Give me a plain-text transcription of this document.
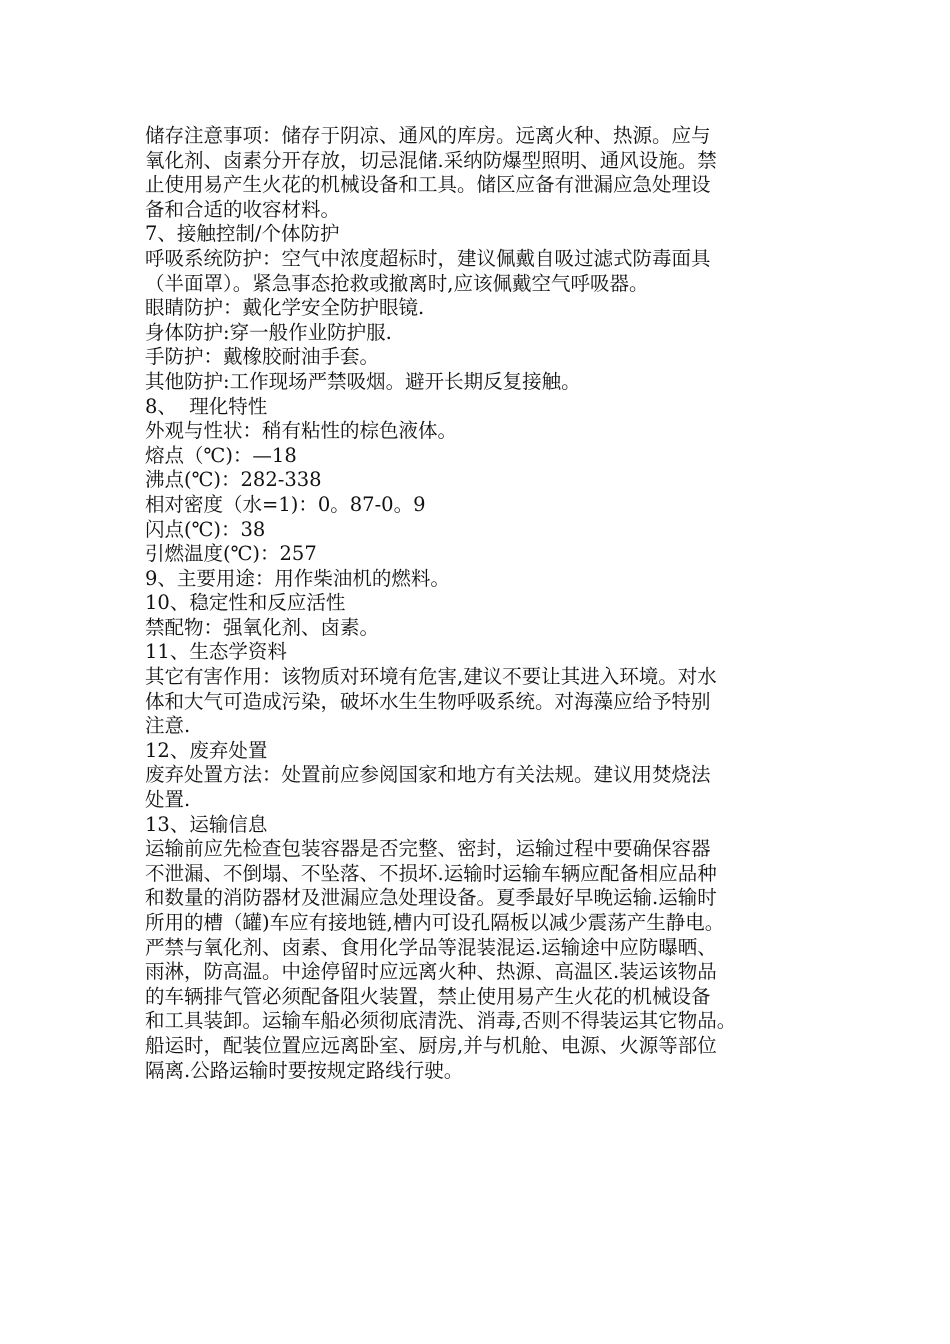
储存注意事项：储存于阴凉、通风的库房。远离火种、热源。应与
氧化剂、卤素分开存放，切忌混储.采纳防爆型照明、通风设施。禁
止使用易产生火花的机械设备和工具。储区应备有泄漏应急处理设
备和合适的收容材料。
7、接触控制/个体防护
呼吸系统防护：空气中浓度超标时，建议佩戴自吸过滤式防毒面具
（半面罩）。紧急事态抢救或撤离时,应该佩戴空气呼吸器。
眼睛防护：戴化学安全防护眼镜.
身体防护:穿一般作业防护服.
手防护：戴橡胶耐油手套。
其他防护:工作现场严禁吸烟。避开长期反复接触。
8、  理化特性
外观与性状：稍有粘性的棕色液体。
熔点（℃)：—18
沸点(℃)：282-338
相对密度（水=1)：0。87-0。9
闪点(℃)：38
引燃温度(℃)：257
9、主要用途：用作柴油机的燃料。
10、稳定性和反应活性
禁配物：强氧化剂、卤素。
11、生态学资料
其它有害作用：该物质对环境有危害,建议不要让其进入环境。对水
体和大气可造成污染，破坏水生生物呼吸系统。对海藻应给予特别
注意.
12、废弃处置
废弃处置方法：处置前应参阅国家和地方有关法规。建议用焚烧法
处置.
13、运输信息
运输前应先检查包装容器是否完整、密封，运输过程中要确保容器
不泄漏、不倒塌、不坠落、不损坏.运输时运输车辆应配备相应品种
和数量的消防器材及泄漏应急处理设备。夏季最好早晚运输.运输时
所用的槽（罐)车应有接地链,槽内可设孔隔板以减少震荡产生静电。
严禁与氧化剂、卤素、食用化学品等混装混运.运输途中应防曝晒、
雨淋，防高温。中途停留时应远离火种、热源、高温区.装运该物品
的车辆排气管必须配备阻火装置，禁止使用易产生火花的机械设备
和工具装卸。运输车船必须彻底清洗、消毒,否则不得装运其它物品。
船运时，配装位置应远离卧室、厨房,并与机舱、电源、火源等部位
隔离.公路运输时要按规定路线行驶。
